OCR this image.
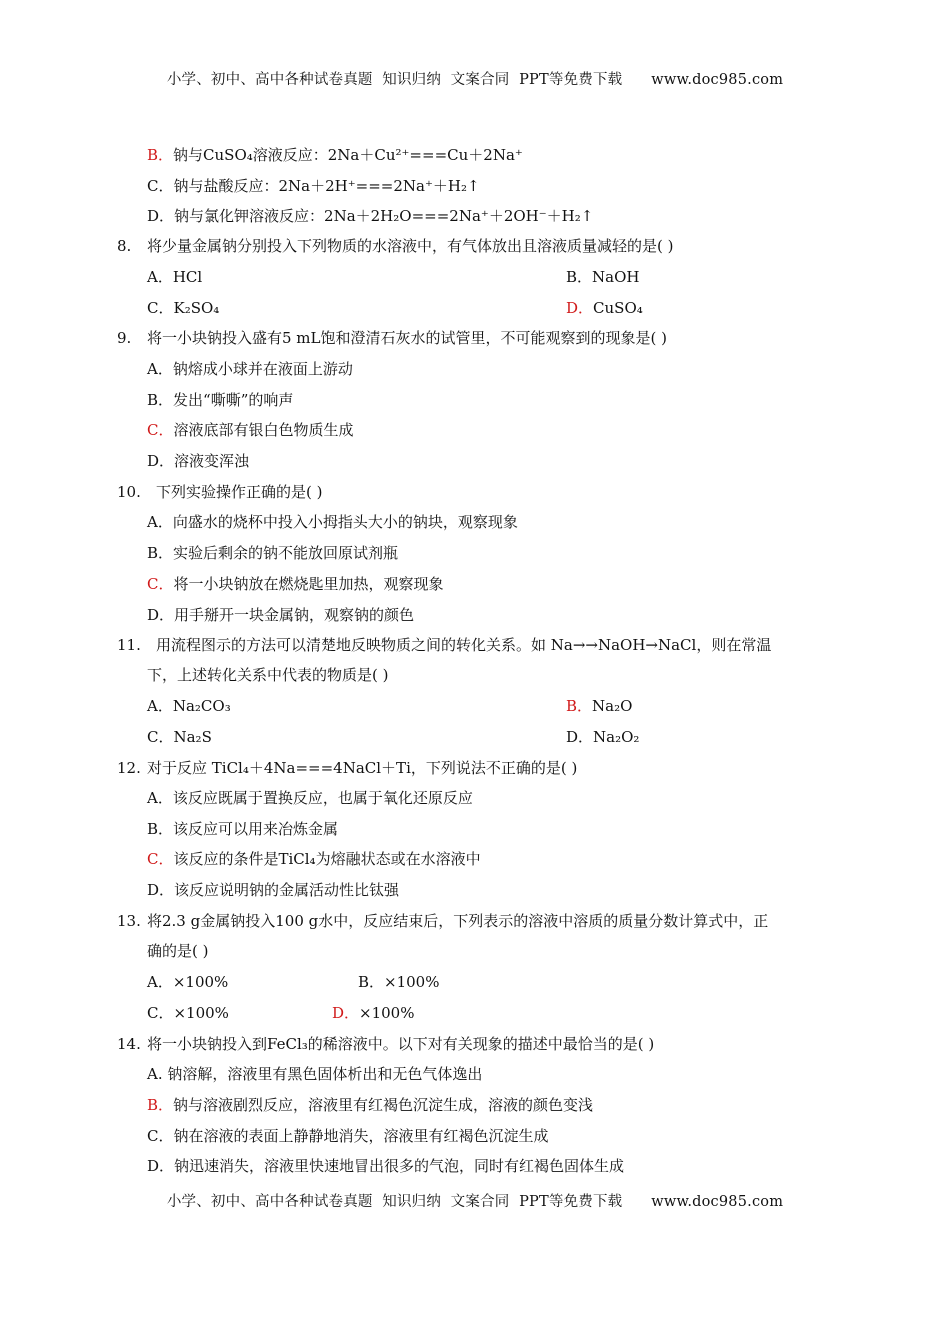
小学、初中、高中各种试卷真题  知识归纳  文案合同  PPT等免费下载      www.doc985.com
B．钠与CuSO₄溶液反应：2Na＋Cu²⁺===Cu＋2Na⁺
C．钠与盐酸反应：2Na＋2H⁺===2Na⁺＋H₂↑
D．钠与氯化钾溶液反应：2Na＋2H₂O===2Na⁺＋2OH⁻＋H₂↑
8. 将少量金属钠分别投入下列物质的水溶液中，有气体放出且溶液质量减轻的是( )
A．HCl	B．NaOH
C．K₂SO₄	D．CuSO₄
9. 将一小块钠投入盛有5 mL饱和澄清石灰水的试管里，不可能观察到的现象是( )
A．钠熔成小球并在液面上游动
B．发出“嘶嘶”的响声
C．溶液底部有银白色物质生成
D．溶液变浑浊
10. 下列实验操作正确的是( )
A．向盛水的烧杯中投入小拇指头大小的钠块，观察现象
B．实验后剩余的钠不能放回原试剂瓶
C．将一小块钠放在燃烧匙里加热，观察现象
D．用手掰开一块金属钠，观察钠的颜色
11. 用流程图示的方法可以清楚地反映物质之间的转化关系。如 Na→→NaOH→NaCl，则在常温
下，上述转化关系中代表的物质是( )
A．Na₂CO₃	B．Na₂O
C．Na₂S	D．Na₂O₂
12. 对于反应 TiCl₄＋4Na===4NaCl＋Ti，下列说法不正确的是( )
A．该反应既属于置换反应，也属于氧化还原反应
B．该反应可以用来冶炼金属
C．该反应的条件是TiCl₄为熔融状态或在水溶液中
D．该反应说明钠的金属活动性比钛强
13. 将2.3 g金属钠投入100 g水中，反应结束后，下列表示的溶液中溶质的质量分数计算式中，正
确的是( )
A．×100%	B．×100%
C．×100%	D．×100%
14. 将一小块钠投入到FeCl₃的稀溶液中。以下对有关现象的描述中最恰当的是( )
A. 钠溶解，溶液里有黑色固体析出和无色气体逸出
B．钠与溶液剧烈反应，溶液里有红褐色沉淀生成，溶液的颜色变浅
C．钠在溶液的表面上静静地消失，溶液里有红褐色沉淀生成
D．钠迅速消失，溶液里快速地冒出很多的气泡，同时有红褐色固体生成
小学、初中、高中各种试卷真题  知识归纳  文案合同  PPT等免费下载      www.doc985.com
